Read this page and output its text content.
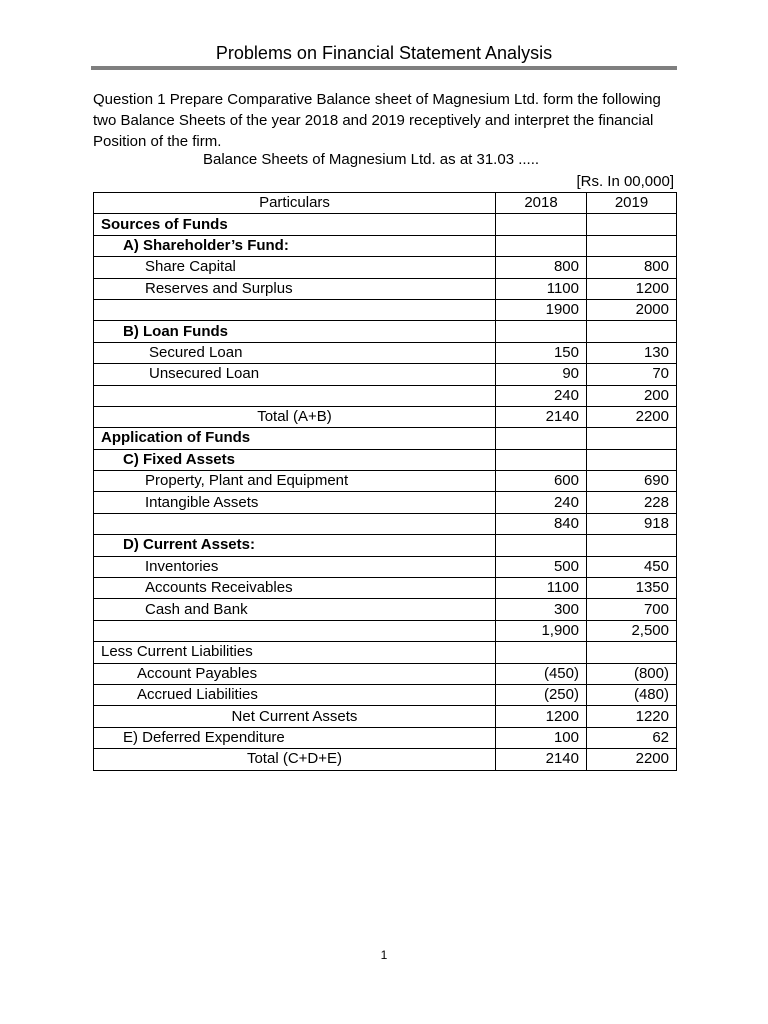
Problems on Financial Statement Analysis
Question 1 Prepare Comparative Balance sheet of Magnesium Ltd. form the following two Balance Sheets of the year 2018 and 2019 receptively and interpret the financial Position of the firm.
Balance Sheets of Magnesium Ltd. as at 31.03 .....
[Rs. In 00,000]
Particulars	2018	2019
Sources of Funds		
A) Shareholder’s Fund:		
Share Capital	800	800
Reserves and Surplus	1100	1200
	1900	2000
B) Loan Funds		
Secured Loan	150	130
Unsecured Loan	90	70
	240	200
Total (A+B)	2140	2200
Application of Funds		
C) Fixed Assets		
Property, Plant and Equipment	600	690
Intangible Assets	240	228
	840	918
D) Current Assets:		
Inventories	500	450
Accounts Receivables	1100	1350
Cash and Bank	300	700
	1,900	2,500
Less Current Liabilities		
Account Payables	(450)	(800)
Accrued Liabilities	(250)	(480)
Net Current Assets	1200	1220
E) Deferred Expenditure	100	62
Total (C+D+E)	2140	2200
1
